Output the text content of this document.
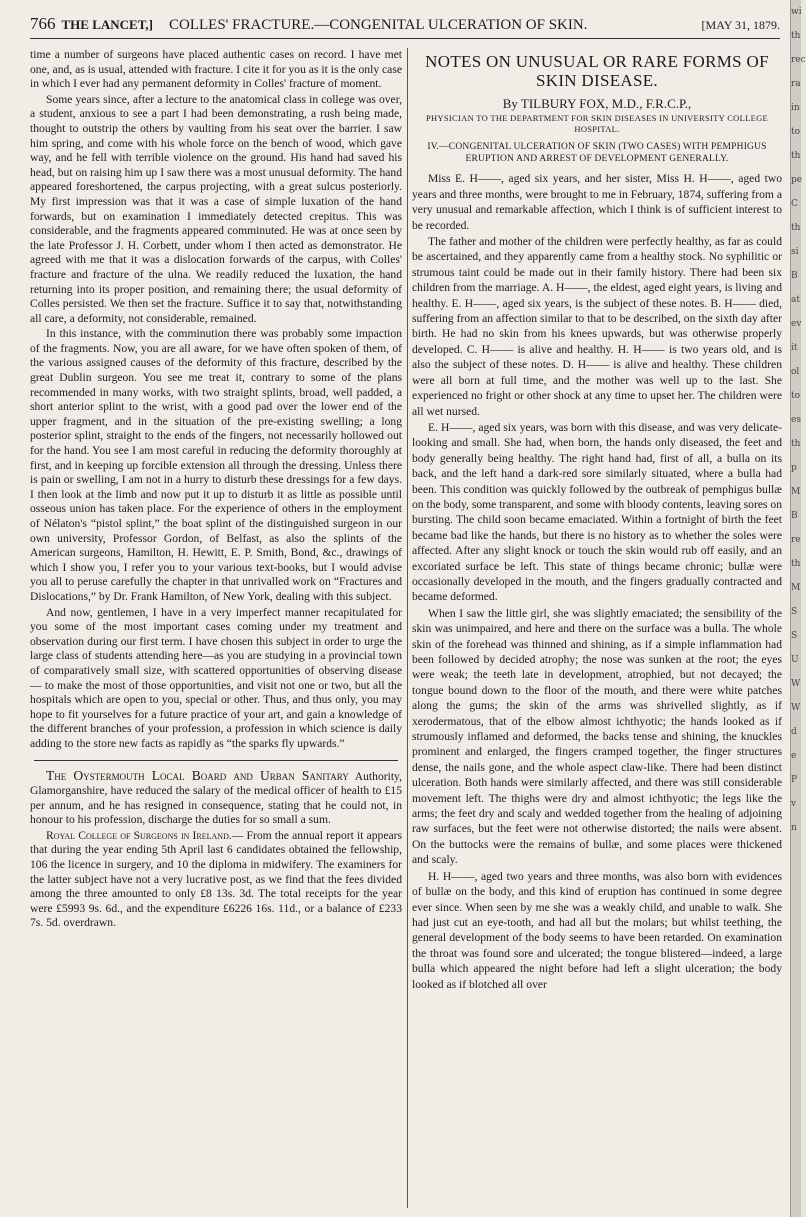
766 THE LANCET,] COLLES' FRACTURE.—CONGENITAL ULCERATION OF SKIN.	[MAY 31, 1879.

time a number of surgeons have placed authentic cases on record. I have met one, and, as is usual, attended with fracture. I cite it for you as it is the only case in which I ever had any permanent deformity in Colles' fracture of moment.

Some years since, after a lecture to the anatomical class in college was over, a student, anxious to see a part I had been demonstrating, a rush being made, thought to outstrip the others by vaulting from his seat over the barrier. I saw him spring, and come with his whole force on the bench of wood, which gave way, and he fell with terrible violence on the ground. His hand had saved his head, but on raising him up I saw there was a most unusual deformity. The hand appeared foreshortened, the carpus projecting, with a great sulcus posteriorly. My first impression was that it was a case of simple luxation of the hand forwards, but on examination I immediately detected crepitus. This was considerable, and the fragments appeared comminuted. He was at once seen by the late Professor J. H. Corbett, under whom I then acted as demonstrator. He agreed with me that it was a dislocation forwards of the carpus, with Colles' fracture and fracture of the ulna. We readily reduced the luxation, the hand returning into its proper position, and remaining there; the usual deformity of Colles persisted. We then set the fracture. Suffice it to say that, notwithstanding all care, a deformity, not considerable, remained.

In this instance, with the comminution there was probably some impaction of the fragments. Now, you are all aware, for we have often spoken of them, of the various assigned causes of the deformity of this fracture, described by the great Dublin surgeon. You see me treat it, contrary to some of the plans recommended in many works, with two straight splints, broad, well padded, a short anterior splint to the wrist, with a good pad over the lower end of the upper fragment, and in the situation of the pre-existing swelling; a long posterior splint, straight to the ends of the fingers, not necessarily hollowed out for the hand. You see I am most careful in reducing the deformity thoroughly at first, and in keeping up forcible extension all through the dressing. Unless there is pain or swelling, I am not in a hurry to disturb these dressings for a few days. I then look at the limb and now put it up to disturb it as little as possible until osseous union has taken place. For the experience of others in the employment of Nélaton's “pistol splint,” the boat splint of the distinguished surgeon in our own university, Professor Gordon, of Belfast, as also the splints of the American surgeons, Hamilton, H. Hewitt, E. P. Smith, Bond, &c., drawings of which I show you, I refer you to your various text-books, but I would advise you all to peruse carefully the chapter in that unrivalled work on “Fractures and Dislocations,” by Dr. Frank Hamilton, of New York, dealing with this subject.

And now, gentlemen, I have in a very imperfect manner recapitulated for you some of the most important cases coming under my treatment and observation during our first term. I have chosen this subject in order to urge the large class of students attending here—as you are studying in a provincial town of comparatively small size, with scattered opportunities of observing disease — to make the most of those opportunities, and visit not one or two, but all the hospitals which are open to you, special or other. Thus, and thus only, you may hope to fit yourselves for a future practice of your art, and gain a knowledge of the different branches of your profession, a profession in which science is daily adding to the store new facts as rapidly as “the sparks fly upwards.”

The Oystermouth Local Board and Urban Sanitary Authority, Glamorganshire, have reduced the salary of the medical officer of health to £15 per annum, and he has resigned in consequence, stating that he could not, in honour to his profession, discharge the duties for so small a sum.

Royal College of Surgeons in Ireland.— From the annual report it appears that during the year ending 5th April last 6 candidates obtained the fellowship, 106 the licence in surgery, and 10 the diploma in midwifery. The examiners for the latter subject have not a very lucrative post, as we find that the fees divided among the three amounted to only £8 13s. 3d. The total receipts for the year were £5993 9s. 6d., and the expenditure £6226 16s. 11d., or a balance of £233 7s. 5d. overdrawn.

NOTES ON UNUSUAL OR RARE FORMS OF SKIN DISEASE.
By TILBURY FOX, M.D., F.R.C.P.,
PHYSICIAN TO THE DEPARTMENT FOR SKIN DISEASES IN UNIVERSITY COLLEGE HOSPITAL.
IV.—CONGENITAL ULCERATION OF SKIN (TWO CASES) WITH PEMPHIGUS ERUPTION AND ARREST OF DEVELOPMENT GENERALLY.

Miss E. H——, aged six years, and her sister, Miss H. H——, aged two years and three months, were brought to me in February, 1874, suffering from a very unusual and remarkable affection, which I think is of sufficient interest to be recorded.

The father and mother of the children were perfectly healthy, as far as could be ascertained, and they apparently came from a healthy stock. No syphilitic or strumous taint could be made out in their family history. There had been six children from the marriage. A. H——, the eldest, aged eight years, is living and healthy. E. H——, aged six years, is the subject of these notes. B. H—— died, suffering from an affection similar to that to be described, on the sixth day after birth. He had no skin from his knees upwards, but was otherwise properly developed. C. H—— is alive and healthy. H. H—— is two years old, and is also the subject of these notes. D. H—— is alive and healthy. These children were all born at full time, and the mother was well up to the last. She experienced no fright or other shock at any time to upset her. The children were all wet nursed.

E. H——, aged six years, was born with this disease, and was very delicate-looking and small. She had, when born, the hands only diseased, the feet and body generally being healthy. The right hand had, first of all, a bulla on its back, and the left hand a dark-red sore similarly situated, where a bulla had been. This condition was quickly followed by the outbreak of pemphigus bullæ on the body, some transparent, and some with bloody contents, leaving sores on bursting. The child soon became emaciated. Within a fortnight of birth the feet became bad like the hands, but there is no history as to whether the soles were affected. After any slight knock or touch the skin would rub off easily, and an excoriated surface be left. This state of things became chronic; bullæ were occasionally developed in the mouth, and the fingers gradually contracted and became deformed.

When I saw the little girl, she was slightly emaciated; the sensibility of the skin was unimpaired, and here and there on the surface was a bulla. The whole skin of the forehead was thinned and shining, as if a simple inflammation had been followed by decided atrophy; the nose was sunken at the root; the eyes were weak; the teeth late in development, atrophied, but not decayed; the tongue bound down to the floor of the mouth, and there were white patches along the gums; the skin of the arms was shrivelled slightly, as if xerodermatous, that of the elbow almost ichthyotic; the hands looked as if strumously inflamed and deformed, the backs tense and shining, the knuckles prominent and enlarged, the fingers cramped together, the finger structures dense, the nails gone, and the whole aspect claw-like. There had been distinct ulceration. Both hands were similarly affected, and there was still considerable movement left. The thighs were dry and almost ichthyotic; the legs like the arms; the feet dry and scaly and wedded together from the healing of adjoining raw surfaces, but the feet were not otherwise distorted; the nails were absent. On the buttocks were the remains of bullæ, and some places were thickened and scaly.

H. H——, aged two years and three months, was also born with evidences of bullæ on the body, and this kind of eruption has continued in some degree ever since. When seen by me she was a weakly child, and unable to walk. She had just cut an eye-tooth, and had all but the molars; but whilst teething, the general development of the body seems to have been retarded. On examination the throat was found sore and ulcerated; the tongue blistered—indeed, a large bulla which appeared the night before had left a slight ulceration; the body looked as if blotched all over

wi
th
rec
ra
in
to
th
pe
C
th
si
B
at
ev
it
ol
to
es
th
p
M
B
re
th
M
S
S
U
W
W
d
e
P
v
n
